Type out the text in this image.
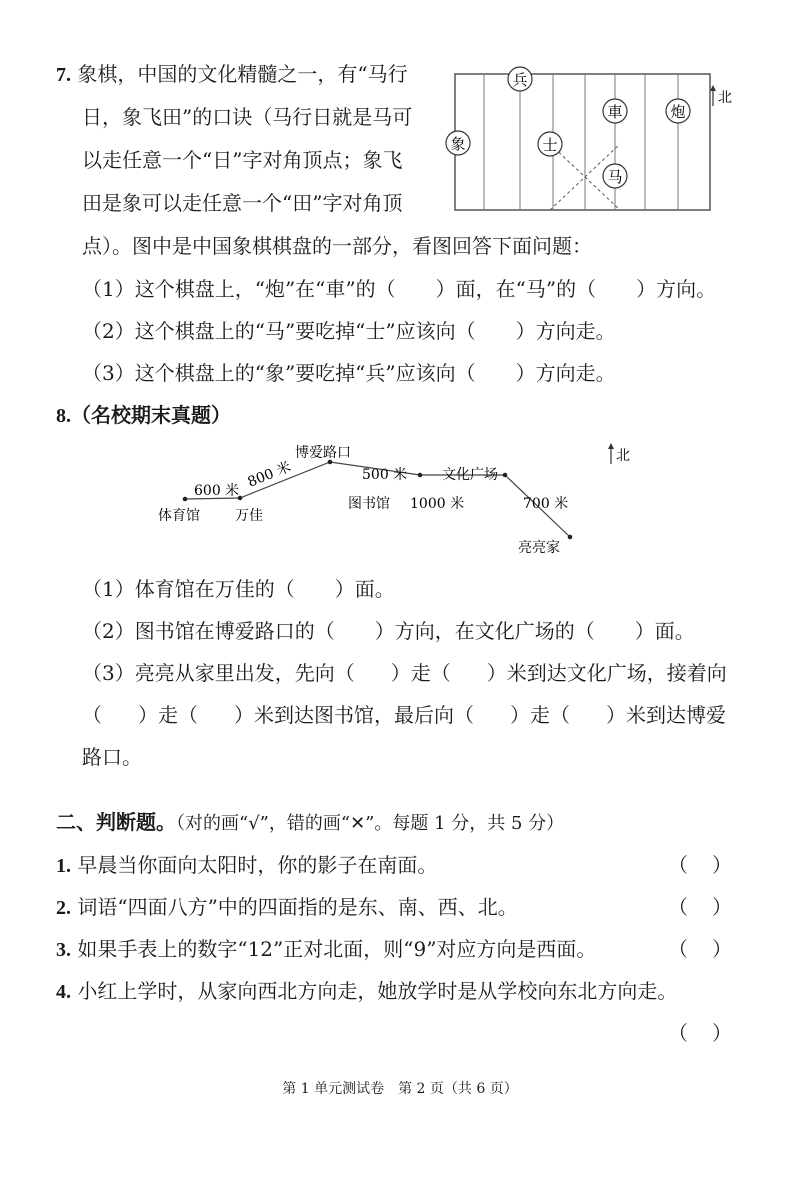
7. 象棋，中国的文化精髓之一，有“马行
日，象飞田”的口诀（马行日就是马可
以走任意一个“日”字对角顶点；象飞
田是象可以走任意一个“田”字对角顶
点）。图中是中国象棋棋盘的一部分，看图回答下面问题：
兵
車	炮
象	士
马
北
（1）这个棋盘上，“炮”在“車”的（ ）面，在“马”的（ ）方向。
（2）这个棋盘上的“马”要吃掉“士”应该向（ ）方向走。
（3）这个棋盘上的“象”要吃掉“兵”应该向（ ）方向走。
8.（名校期末真题）
博爱路口
文化广场
体育馆	万佳
图书馆
亮亮家
600 米
800 米	500 米
1000 米	700 米
北
（1）体育馆在万佳的（ ）面。
（2）图书馆在博爱路口的（ ）方向，在文化广场的（ ）面。
（3）亮亮从家里出发，先向（ ）走（ ）米到达文化广场，接着向
（ ）走（ ）米到达图书馆，最后向（ ）走（ ）米到达博爱
路口。
二、判断题。（对的画“√”，错的画“✕”。每题 1 分，共 5 分）
1. 早晨当你面向太阳时，你的影子在南面。	（ ）
2. 词语“四面八方”中的四面指的是东、南、西、北。	（ ）
3. 如果手表上的数字“12”正对北面，则“9”对应方向是西面。	（ ）
4. 小红上学时，从家向西北方向走，她放学时是从学校向东北方向走。
（ ）
第 1 单元测试卷　第 2 页（共 6 页）
